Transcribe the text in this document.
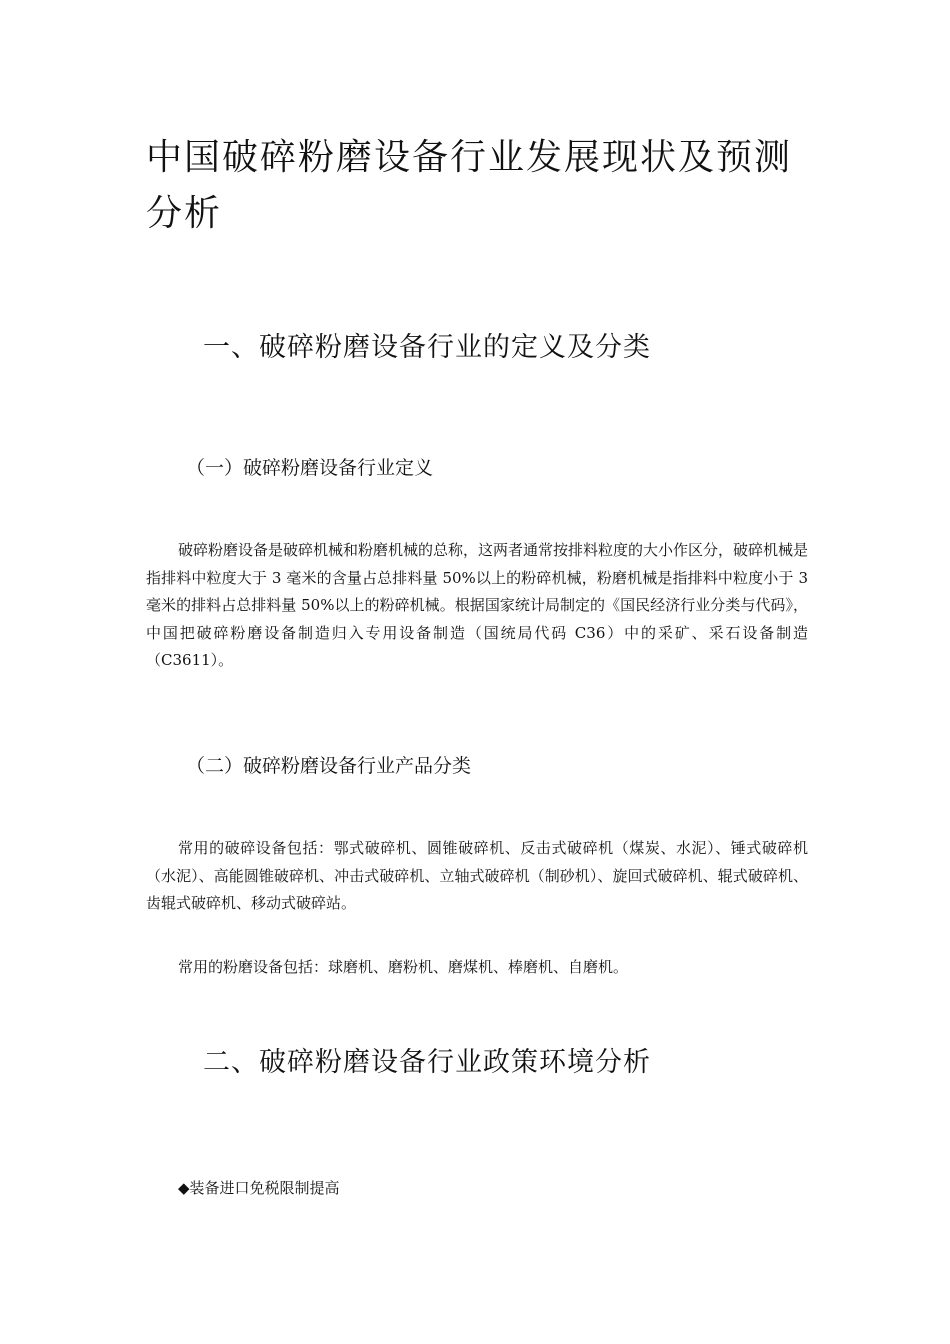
中国破碎粉磨设备行业发展现状及预测分析
一、破碎粉磨设备行业的定义及分类
（一）破碎粉磨设备行业定义

破碎粉磨设备是破碎机械和粉磨机械的总称，这两者通常按排料粒度的大小作区分，破碎机械是指排料中粒度大于 3 毫米的含量占总排料量 50%以上的粉碎机械，粉磨机械是指排料中粒度小于 3 毫米的排料占总排料量 50%以上的粉碎机械。根据国家统计局制定的《国民经济行业分类与代码》，中国把破碎粉磨设备制造归入专用设备制造（国统局代码 C36）中的采矿、采石设备制造（C3611）。

（二）破碎粉磨设备行业产品分类

常用的破碎设备包括：鄂式破碎机、圆锥破碎机、反击式破碎机（煤炭、水泥）、锤式破碎机（水泥）、高能圆锥破碎机、冲击式破碎机、立轴式破碎机（制砂机）、旋回式破碎机、辊式破碎机、齿辊式破碎机、移动式破碎站。

常用的粉磨设备包括：球磨机、磨粉机、磨煤机、棒磨机、自磨机。

二、破碎粉磨设备行业政策环境分析

◆装备进口免税限制提高
